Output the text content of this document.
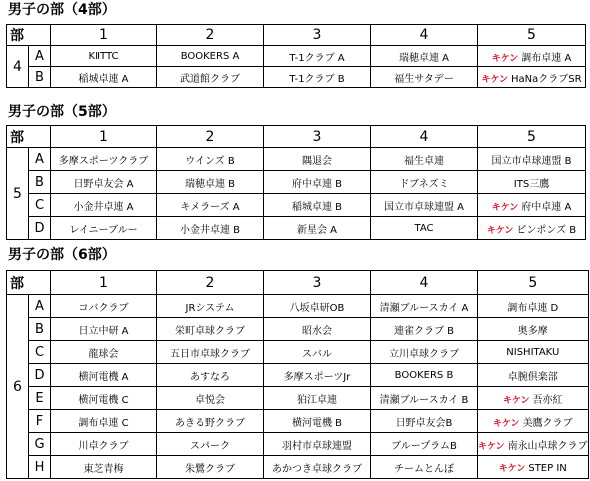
男子の部（4部）
部		1	2	3	4	5
4	A	KⅡTTC	BOOKERS A	T-1クラブ A	瑞穂卓連 A	キケン 調布卓連 A
	B	稲城卓連 A	武道館クラブ	T-1クラブ B	福生サタデー	キケン HaNaクラブSR
男子の部（5部）
部		1	2	3	4	5
5	A	多摩スポーツクラブ	ウインズ B	隅退会	福生卓連	国立市卓球連盟 B
	B	日野卓友会 A	瑞穂卓連 B	府中卓連 B	ドブネズミ	ITS三鷹
	C	小金井卓連 A	キメラーズ A	稲城卓連 B	国立市卓球連盟 A	キケン 府中卓連 A
	D	レイニーブルー	小金井卓連 B	新星会 A	TAC	キケン ピンポンズ B
男子の部（6部）
部		1	2	3	4	5
6	A	コバクラブ	JRシステム	八坂卓研OB	清瀬ブルースカイ A	調布卓連 D
	B	日立中研 A	栄町卓球クラブ	昭水会	連雀クラブ B	奥多摩
	C	龍球会	五日市卓球クラブ	スバル	立川卓球クラブ	NISHITAKU
	D	横河電機 A	あすなろ	多摩スポーツJr	BOOKERS B	卓腕倶楽部
	E	横河電機 C	卓悦会	狛江卓連	清瀬ブルースカイ B	キケン 吾亦紅
	F	調布卓連 C	あきる野クラブ	横河電機 B	日野卓友会B	キケン 美鷹クラブ
	G	川卓クラブ	スパーク	羽村市卓球連盟	ブループラムB	キケン 南永山卓球クラブ
	H	東芝青梅	朱鷺クラブ	あかつき卓球クラブ	チームとんぼ	キケン STEP IN
